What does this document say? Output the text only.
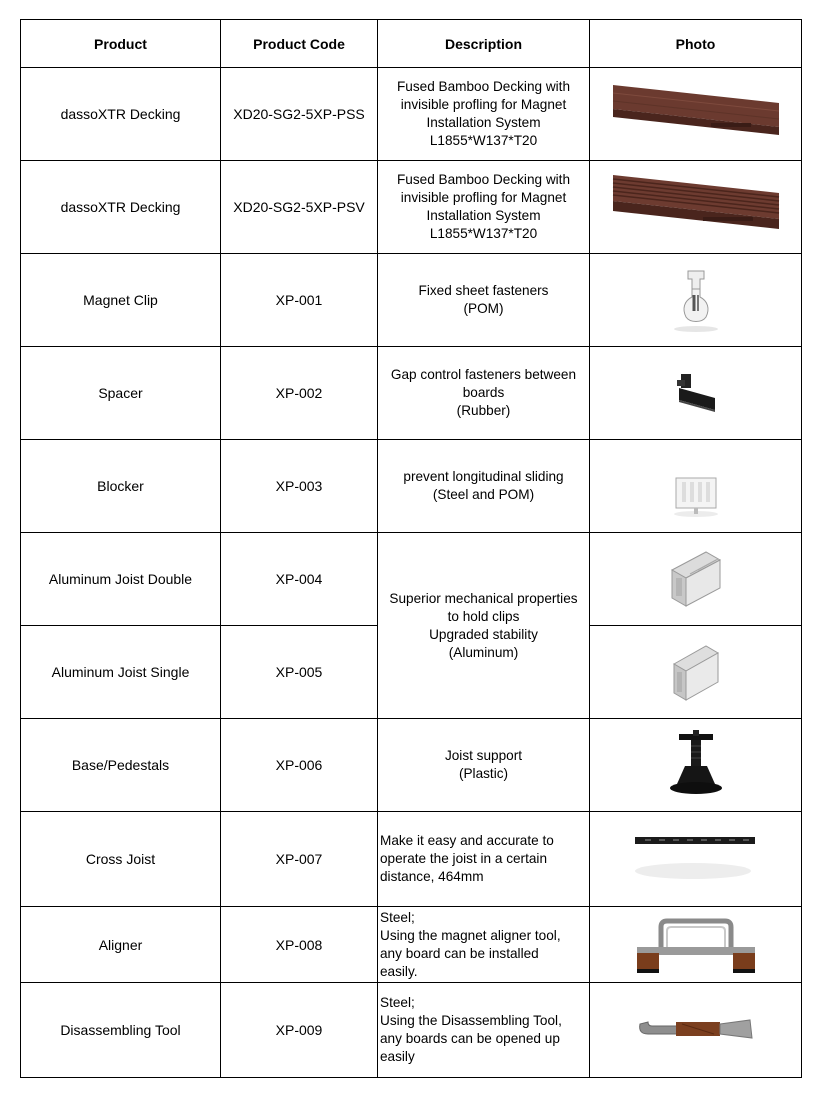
Product	Product Code	Description	Photo
dassoXTR Decking	XD20-SG2-5XP-PSS	Fused Bamboo Decking with
invisible profling for Magnet
Installation System
L1855*W137*T20	

dassoXTR Decking	XD20-SG2-5XP-PSV	Fused Bamboo Decking with
invisible profling for Magnet
Installation System
L1855*W137*T20	

Magnet Clip	XP-001	Fixed sheet fasteners
(POM)	

Spacer	XP-002	Gap control fasteners between
boards
(Rubber)	

Blocker	XP-003	prevent longitudinal sliding
(Steel and POM)	

Aluminum Joist Double	XP-004	Superior mechanical properties
to hold clips
Upgraded stability
(Aluminum)	

Aluminum Joist Single	XP-005	

Base/Pedestals	XP-006	Joist support
(Plastic)	

Cross Joist	XP-007	Make it easy and accurate to
operate the joist in a certain
distance, 464mm	

Aligner	XP-008	Steel;
Using the magnet aligner tool,
any board can be installed
easily.	

Disassembling Tool	XP-009	Steel;
Using the Disassembling Tool,
any boards can be opened up
easily	
